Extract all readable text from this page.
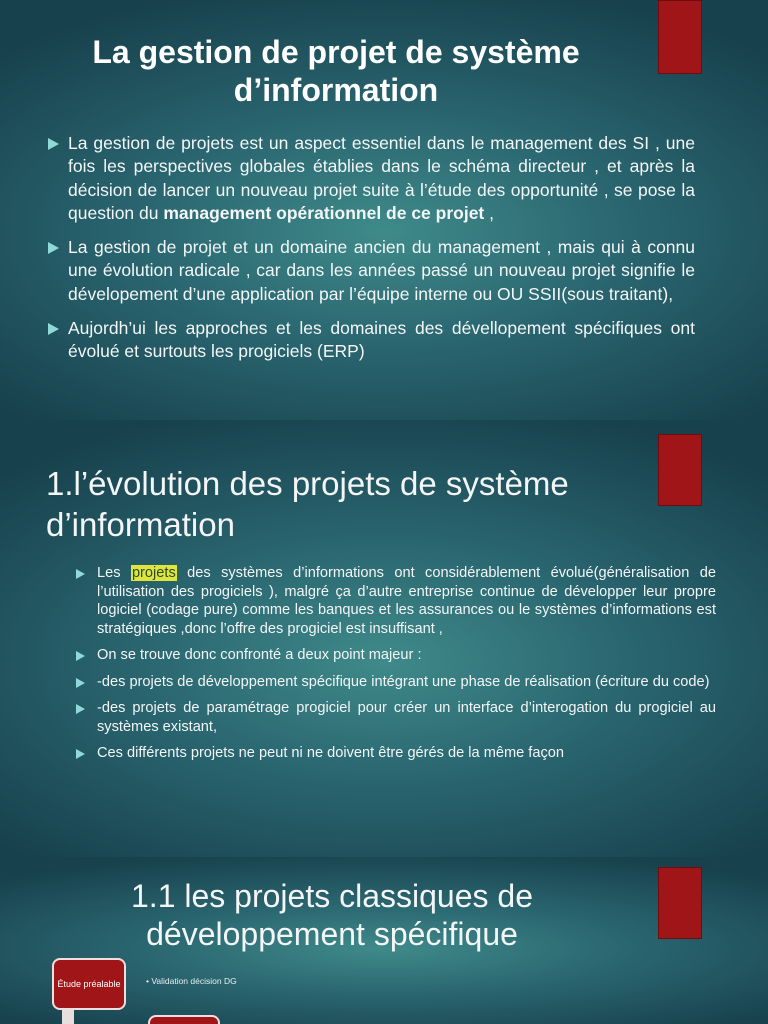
La gestion de projet de système d’information
La gestion de projets est un aspect essentiel dans le management des SI , une fois les perspectives globales établies dans le schéma directeur , et après la décision de lancer un nouveau projet suite à l’étude des opportunité , se pose la question du management opérationnel de ce projet ,
La gestion de projet et un domaine ancien du management , mais qui à connu une évolution radicale , car dans les années passé un nouveau projet signifie le dévelopement d’une application par l’équipe interne ou OU SSII(sous traitant),
Aujordh’ui les approches et les domaines des dévellopement spécifiques ont évolué et surtouts les progiciels (ERP)
1.l’évolution des projets de système d’information
Les projets des systèmes d’informations ont considérablement évolué(généralisation de l’utilisation des progiciels ), malgré ça d’autre entreprise continue de développer leur propre logiciel (codage pure) comme les banques et les assurances ou le systèmes d’informations est stratégiques ,donc l’offre des progiciel est insuffisant ,
On se trouve donc confronté a deux point majeur :
-des projets de développement spécifique intégrant une phase de réalisation (écriture du code)
-des projets de paramétrage progiciel pour créer un interface d’interogation du progiciel au systèmes existant,
Ces différents projets ne peut ni ne doivent être gérés de la même façon
1.1 les projets classiques de développement spécifique
Étude préalable	• Validation décision DG
